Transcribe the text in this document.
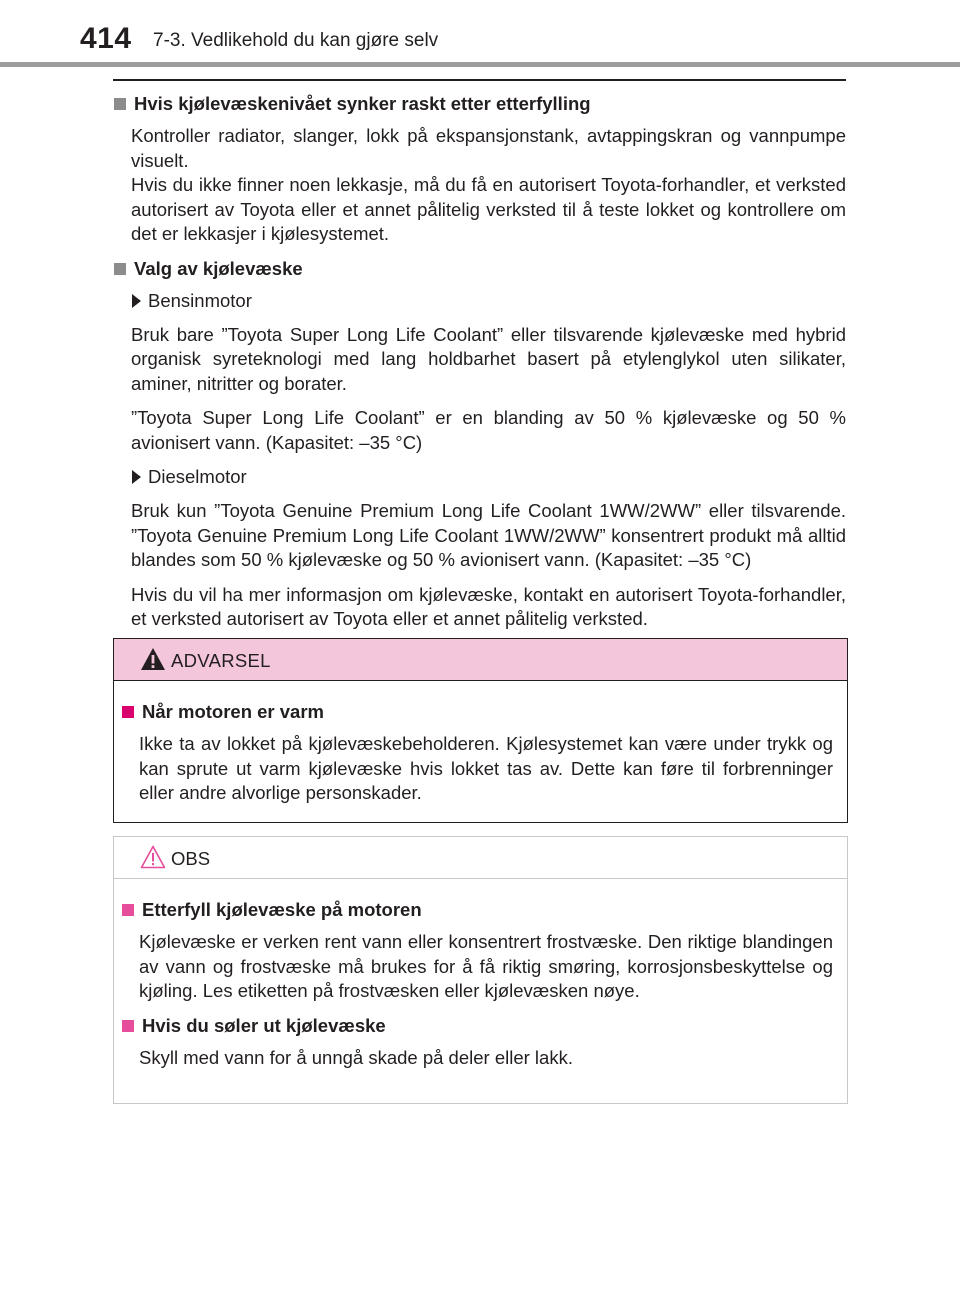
414 7-3. Vedlikehold du kan gjøre selv
Hvis kjølevæskenivået synker raskt etter etterfylling

Kontroller radiator, slanger, lokk på ekspansjonstank, avtappingskran og vannpumpe visuelt.

Hvis du ikke finner noen lekkasje, må du få en autorisert Toyota-forhandler, et verksted autorisert av Toyota eller et annet pålitelig verksted til å teste lokket og kontrollere om det er lekkasjer i kjølesystemet.

Valg av kjølevæske
Bensinmotor

Bruk bare ”Toyota Super Long Life Coolant” eller tilsvarende kjølevæske med hybrid organisk syreteknologi med lang holdbarhet basert på etylenglykol uten silikater, aminer, nitritter og borater.

”Toyota Super Long Life Coolant” er en blanding av 50 % kjølevæske og 50 % avionisert vann. (Kapasitet: –35 °C)

Dieselmotor

Bruk kun ”Toyota Genuine Premium Long Life Coolant 1WW/2WW” eller tilsvarende. ”Toyota Genuine Premium Long Life Coolant 1WW/2WW” konsentrert produkt må alltid blandes som 50 % kjølevæske og 50 % avionisert vann. (Kapasitet: –35 °C)

Hvis du vil ha mer informasjon om kjølevæske, kontakt en autorisert Toyota-forhandler, et verksted autorisert av Toyota eller et annet pålitelig verksted.

ADVARSEL
Når motoren er varm

Ikke ta av lokket på kjølevæskebeholderen. Kjølesystemet kan være under trykk og kan sprute ut varm kjølevæske hvis lokket tas av. Dette kan føre til forbrenninger eller andre alvorlige personskader.

OBS
Etterfyll kjølevæske på motoren

Kjølevæske er verken rent vann eller konsentrert frostvæske. Den riktige blandingen av vann og frostvæske må brukes for å få riktig smøring, korrosjonsbeskyttelse og kjøling. Les etiketten på frostvæsken eller kjølevæsken nøye.

Hvis du søler ut kjølevæske

Skyll med vann for å unngå skade på deler eller lakk.
